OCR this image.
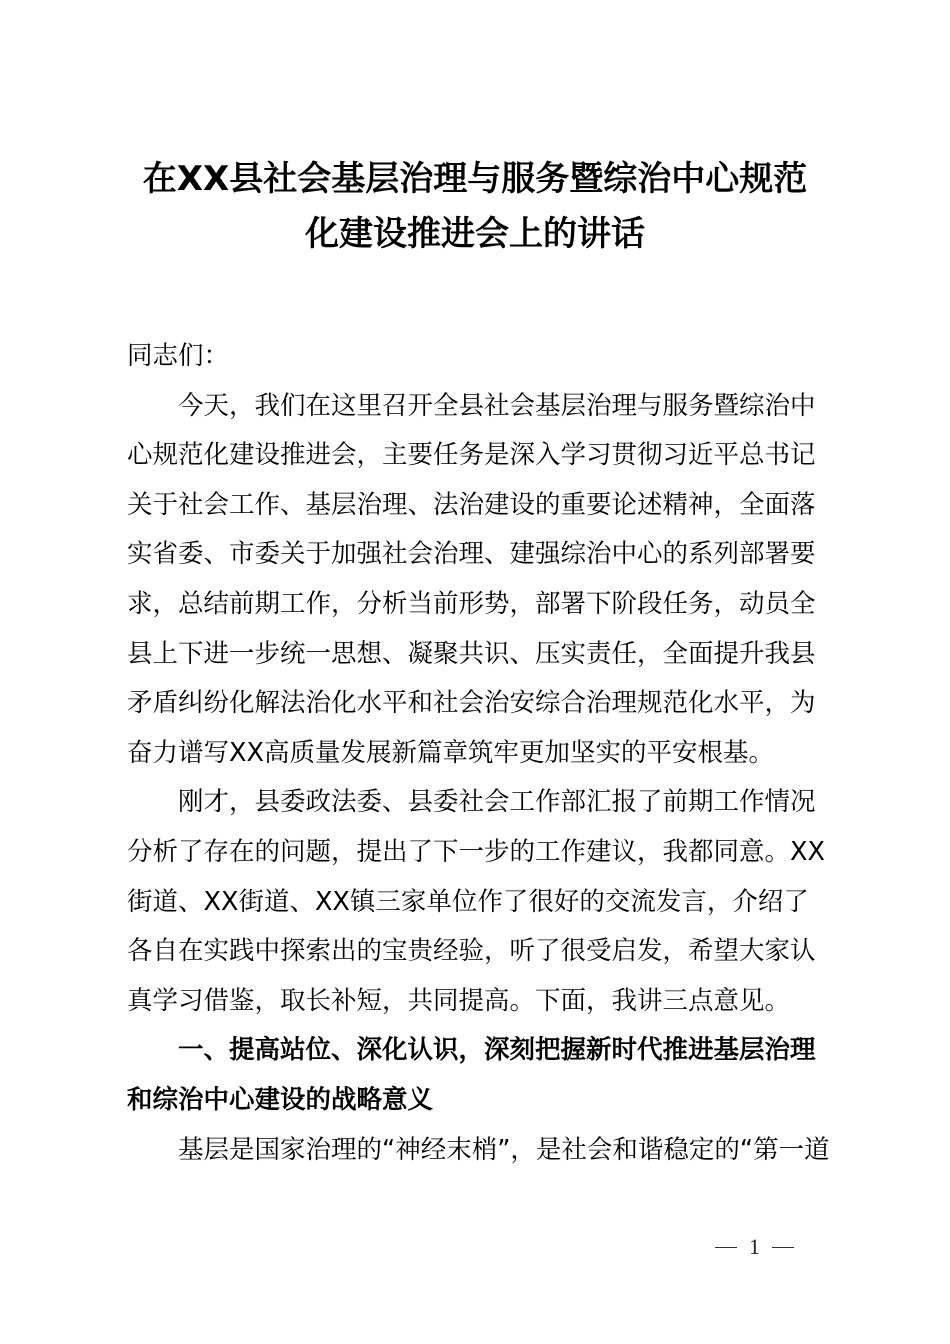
在XX县社会基层治理与服务暨综治中心规范
化建设推进会上的讲话
同志们：
今天，我们在这里召开全县社会基层治理与服务暨综治中
心规范化建设推进会，主要任务是深入学习贯彻习近平总书记
关于社会工作、基层治理、法治建设的重要论述精神，全面落
实省委、市委关于加强社会治理、建强综治中心的系列部署要
求，总结前期工作，分析当前形势，部署下阶段任务，动员全
县上下进一步统一思想、凝聚共识、压实责任，全面提升我县
矛盾纠纷化解法治化水平和社会治安综合治理规范化水平，为
奋力谱写XX高质量发展新篇章筑牢更加坚实的平安根基。
刚才，县委政法委、县委社会工作部汇报了前期工作情况
分析了存在的问题，提出了下一步的工作建议，我都同意。XX
街道、XX街道、XX镇三家单位作了很好的交流发言，介绍了
各自在实践中探索出的宝贵经验，听了很受启发，希望大家认
真学习借鉴，取长补短，共同提高。下面，我讲三点意见。
一、提高站位、深化认识，深刻把握新时代推进基层治理
和综治中心建设的战略意义
基层是国家治理的“神经末梢”，是社会和谐稳定的“第一道
1
